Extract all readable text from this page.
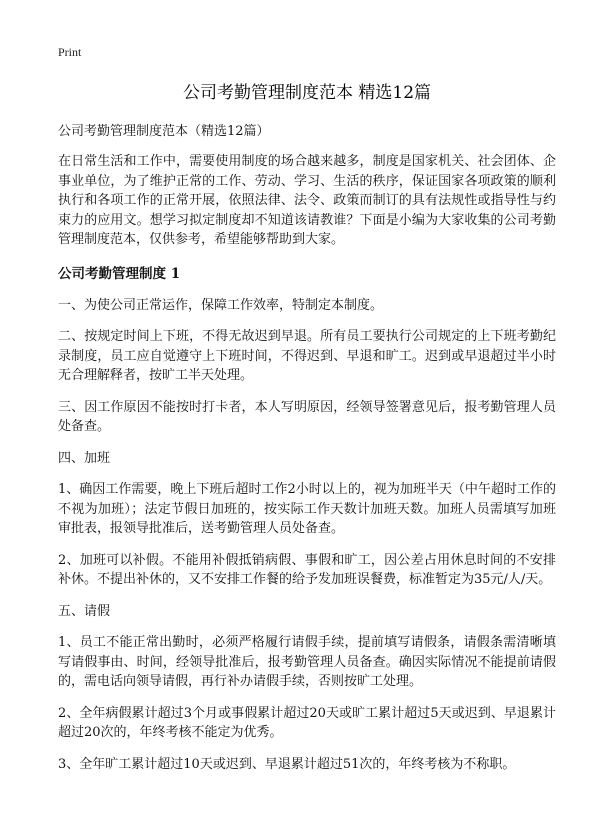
Print
公司考勤管理制度范本 精选12篇
公司考勤管理制度范本（精选12篇）

在日常生活和工作中，需要使用制度的场合越来越多，制度是国家机关、社会团体、企事业单位，为了维护正常的工作、劳动、学习、生活的秩序，保证国家各项政策的顺利执行和各项工作的正常开展，依照法律、法令、政策而制订的具有法规性或指导性与约束力的应用文。想学习拟定制度却不知道该请教谁？下面是小编为大家收集的公司考勤管理制度范本，仅供参考，希望能够帮助到大家。

公司考勤管理制度 1

一、为使公司正常运作，保障工作效率，特制定本制度。

二、按规定时间上下班，不得无故迟到早退。所有员工要执行公司规定的上下班考勤纪录制度，员工应自觉遵守上下班时间，不得迟到、早退和旷工。迟到或早退超过半小时无合理解释者，按旷工半天处理。

三、因工作原因不能按时打卡者，本人写明原因，经领导签署意见后，报考勤管理人员处备查。

四、加班

1、确因工作需要，晚上下班后超时工作2小时以上的，视为加班半天（中午超时工作的不视为加班）；法定节假日加班的，按实际工作天数计加班天数。加班人员需填写加班审批表，报领导批准后，送考勤管理人员处备查。

2、加班可以补假。不能用补假抵销病假、事假和旷工，因公差占用休息时间的不安排补休。不提出补休的，又不安排工作餐的给予发加班误餐费，标准暂定为35元/人/天。

五、请假

1、员工不能正常出勤时，必须严格履行请假手续，提前填写请假条，请假条需清晰填写请假事由、时间，经领导批准后，报考勤管理人员备查。确因实际情况不能提前请假的，需电话向领导请假，再行补办请假手续，否则按旷工处理。

2、全年病假累计超过3个月或事假累计超过20天或旷工累计超过5天或迟到、早退累计超过20次的，年终考核不能定为优秀。

3、全年旷工累计超过10天或迟到、早退累计超过51次的，年终考核为不称职。
